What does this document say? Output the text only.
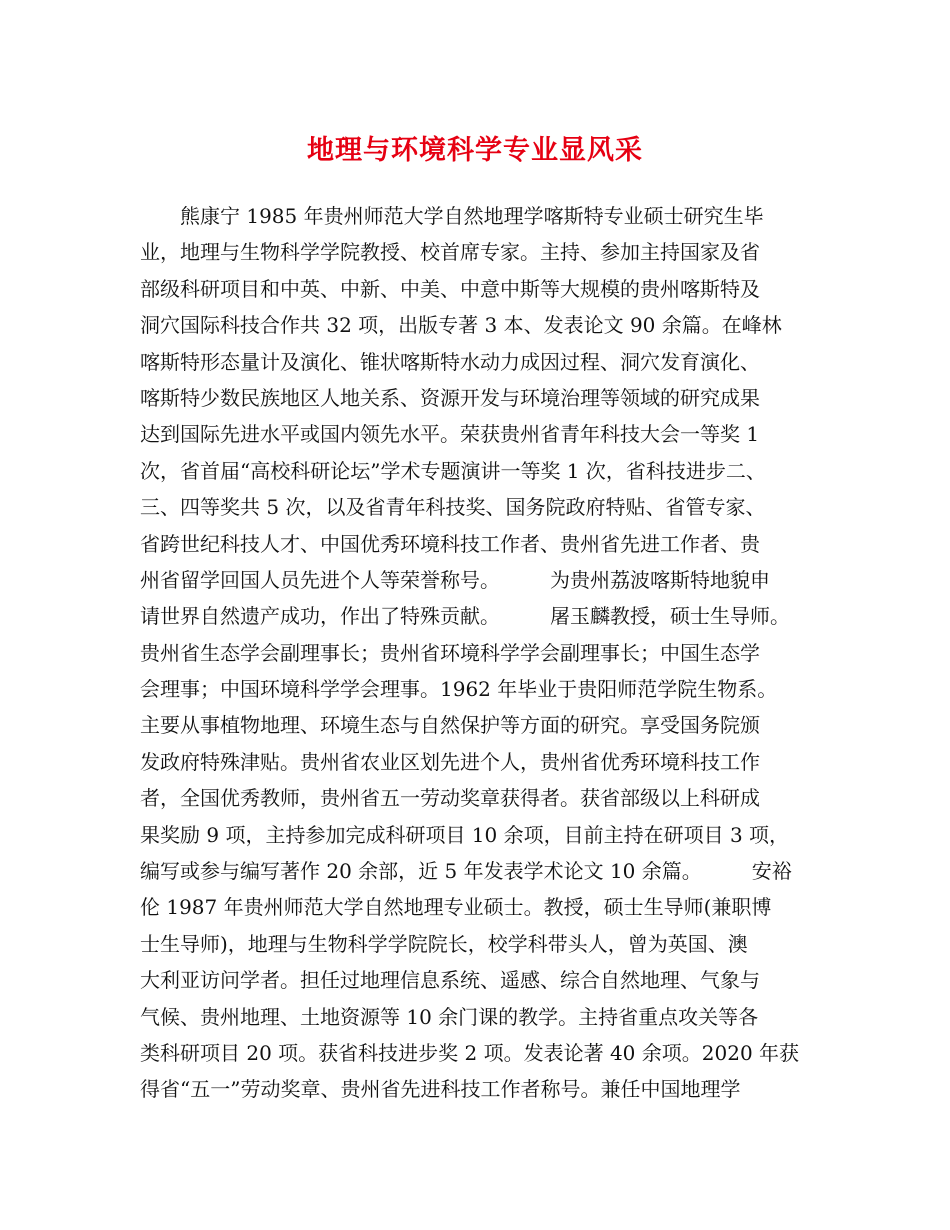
地理与环境科学专业显风采
　　熊康宁 1985 年贵州师范大学自然地理学喀斯特专业硕士研究生毕
业，地理与生物科学学院教授、校首席专家。主持、参加主持国家及省
部级科研项目和中英、中新、中美、中意中斯等大规模的贵州喀斯特及
洞穴国际科技合作共 32 项，出版专著 3 本、发表论文 90 余篇。在峰林
喀斯特形态量计及演化、锥状喀斯特水动力成因过程、洞穴发育演化、
喀斯特少数民族地区人地关系、资源开发与环境治理等领域的研究成果
达到国际先进水平或国内领先水平。荣获贵州省青年科技大会一等奖 1
次，省首届“高校科研论坛”学术专题演讲一等奖 1 次，省科技进步二、
三、四等奖共 5 次，以及省青年科技奖、国务院政府特贴、省管专家、
省跨世纪科技人才、中国优秀环境科技工作者、贵州省先进工作者、贵
州省留学回国人员先进个人等荣誉称号。　　　为贵州荔波喀斯特地貌申
请世界自然遗产成功，作出了特殊贡献。　　　屠玉麟教授，硕士生导师。
贵州省生态学会副理事长；贵州省环境科学学会副理事长；中国生态学
会理事；中国环境科学学会理事。1962 年毕业于贵阳师范学院生物系。
主要从事植物地理、环境生态与自然保护等方面的研究。享受国务院颁
发政府特殊津贴。贵州省农业区划先进个人，贵州省优秀环境科技工作
者，全国优秀教师，贵州省五一劳动奖章获得者。获省部级以上科研成
果奖励 9 项，主持参加完成科研项目 10 余项，目前主持在研项目 3 项，
编写或参与编写著作 20 余部，近 5 年发表学术论文 10 余篇。　　　安裕
伦 1987 年贵州师范大学自然地理专业硕士。教授，硕士生导师(兼职博
士生导师)，地理与生物科学学院院长，校学科带头人，曾为英国、澳
大利亚访问学者。担任过地理信息系统、遥感、综合自然地理、气象与
气候、贵州地理、土地资源等 10 余门课的教学。主持省重点攻关等各
类科研项目 20 项。获省科技进步奖 2 项。发表论著 40 余项。2020 年获
得省“五一”劳动奖章、贵州省先进科技工作者称号。兼任中国地理学
